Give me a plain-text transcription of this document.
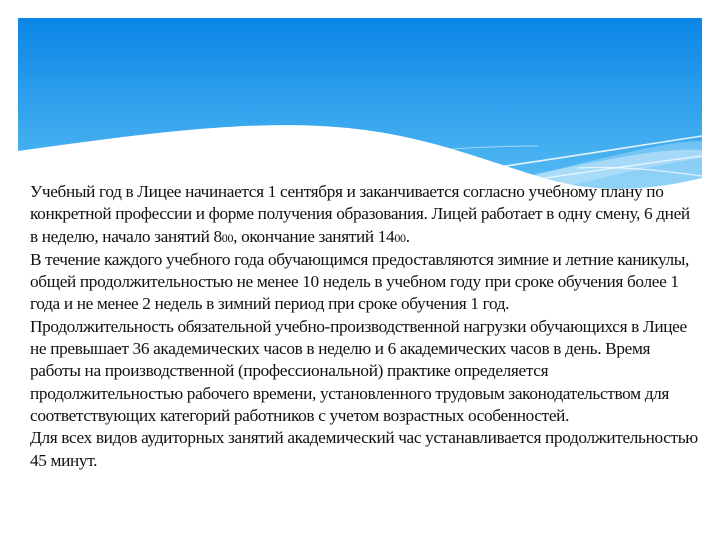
Учебный год в Лицее начинается 1 сентября и заканчивается согласно учебному плану по
конкретной профессии и форме получения образования. Лицей работает в одну смену, 6 дней
в неделю, начало занятий 800, окончание занятий 1400.

В течение каждого учебного года обучающимся предоставляются зимние и летние каникулы,
общей продолжительностью не менее 10 недель в учебном году при сроке обучения более 1
года и не менее 2 недель в зимний период при сроке обучения 1 год.

Продолжительность обязательной учебно-производственной нагрузки обучающихся в Лицее
не превышает 36 академических часов в неделю и 6 академических часов в день. Время
работы на производственной (профессиональной) практике определяется
продолжительностью рабочего времени, установленного трудовым законодательством для
соответствующих категорий работников с учетом возрастных особенностей.

Для всех видов аудиторных занятий академический час устанавливается продолжительностью
45 минут.
